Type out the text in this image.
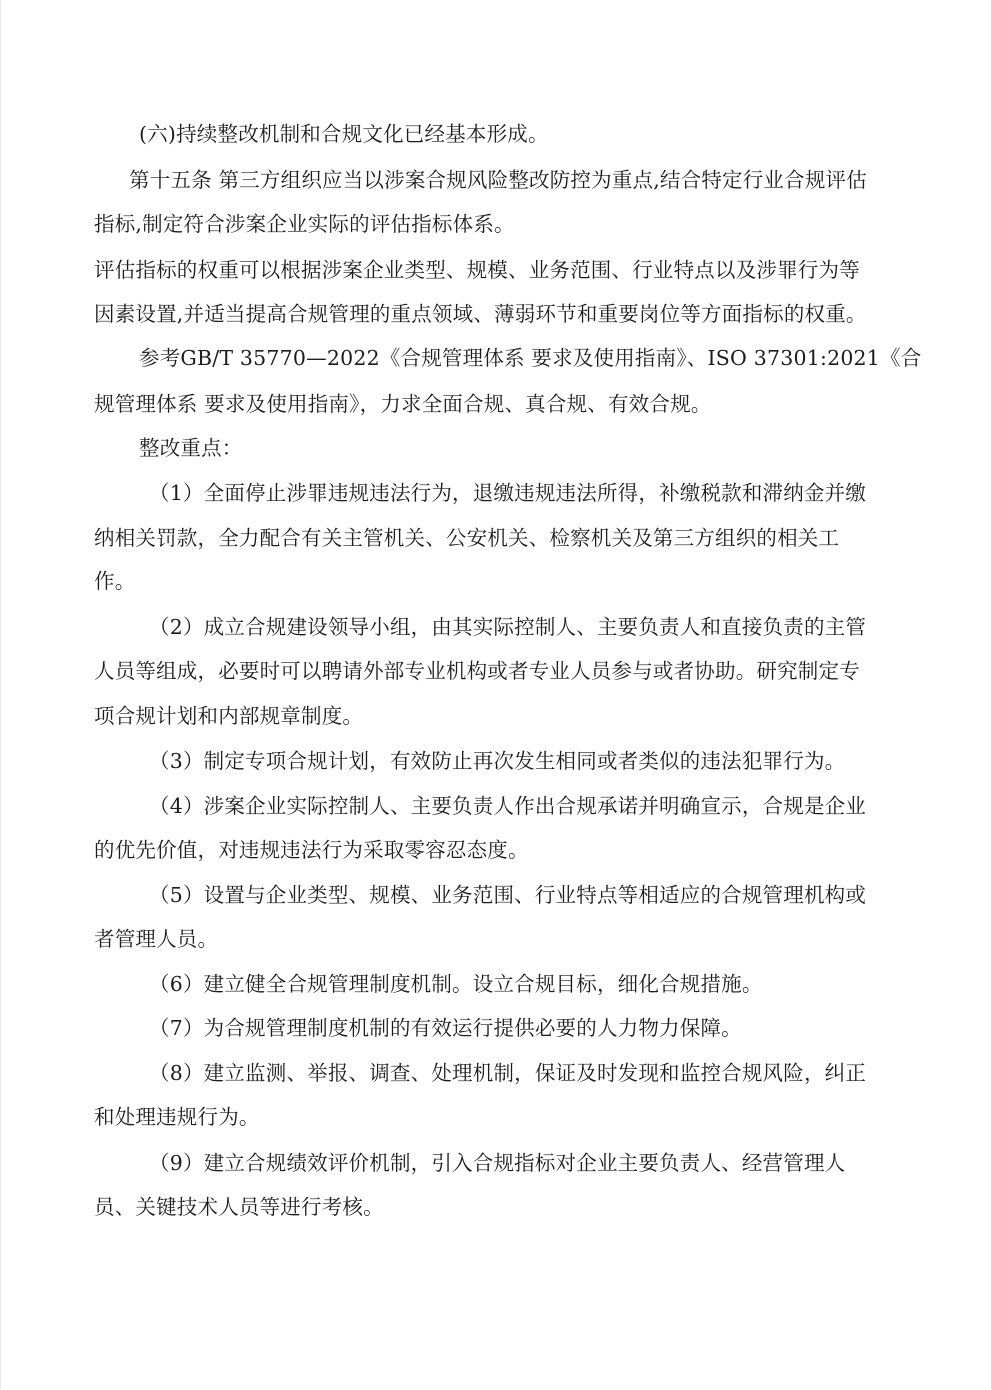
(六)持续整改机制和合规文化已经基本形成。
第十五条 第三方组织应当以涉案合规风险整改防控为重点,结合特定行业合规评估
指标,制定符合涉案企业实际的评估指标体系。
评估指标的权重可以根据涉案企业类型、规模、业务范围、行业特点以及涉罪行为等
因素设置,并适当提高合规管理的重点领域、薄弱环节和重要岗位等方面指标的权重。
参考GB/T 35770—2022《合规管理体系 要求及使用指南》、ISO 37301:2021《合
规管理体系 要求及使用指南》，力求全面合规、真合规、有效合规。
整改重点：
（1）全面停止涉罪违规违法行为，退缴违规违法所得，补缴税款和滞纳金并缴
纳相关罚款，全力配合有关主管机关、公安机关、检察机关及第三方组织的相关工
作。
（2）成立合规建设领导小组，由其实际控制人、主要负责人和直接负责的主管
人员等组成，必要时可以聘请外部专业机构或者专业人员参与或者协助。研究制定专
项合规计划和内部规章制度。
（3）制定专项合规计划，有效防止再次发生相同或者类似的违法犯罪行为。
（4）涉案企业实际控制人、主要负责人作出合规承诺并明确宣示，合规是企业
的优先价值，对违规违法行为采取零容忍态度。
（5）设置与企业类型、规模、业务范围、行业特点等相适应的合规管理机构或
者管理人员。
（6）建立健全合规管理制度机制。设立合规目标，细化合规措施。
（7）为合规管理制度机制的有效运行提供必要的人力物力保障。
（8）建立监测、举报、调查、处理机制，保证及时发现和监控合规风险，纠正
和处理违规行为。
（9）建立合规绩效评价机制，引入合规指标对企业主要负责人、经营管理人
员、关键技术人员等进行考核。
